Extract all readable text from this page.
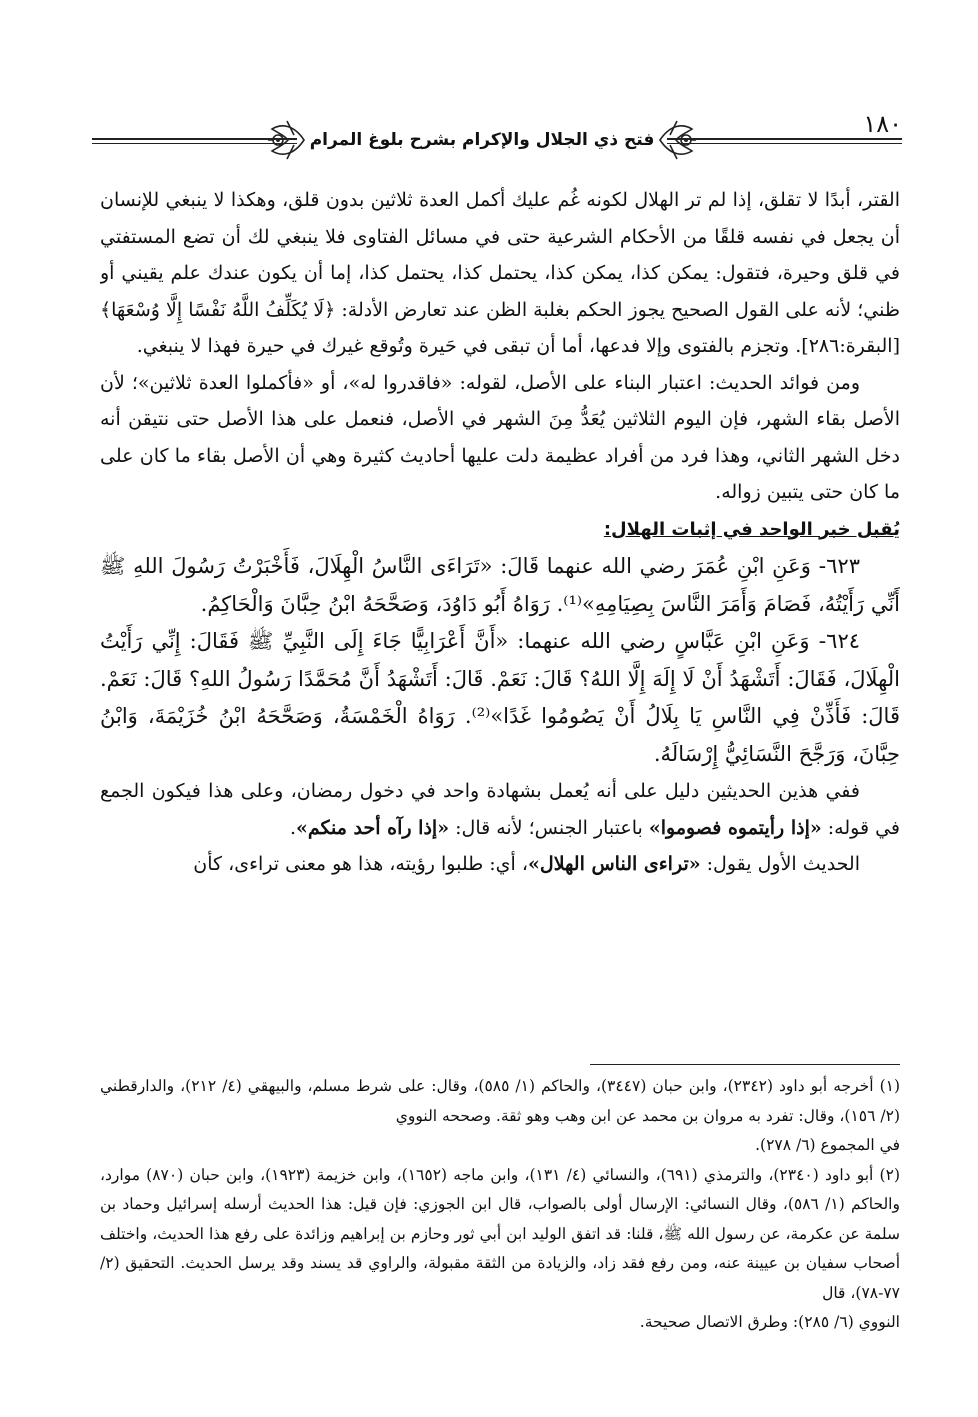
١٨٠
فتح ذي الجلال والإكرام بشرح بلوغ المرام

القتر، أبدًا لا تقلق، إذا لم تر الهلال لكونه غُم عليك أكمل العدة ثلاثين بدون قلق، وهكذا لا ينبغي للإنسان أن يجعل في نفسه قلقًا من الأحكام الشرعية حتى في مسائل الفتاوى فلا ينبغي لك أن تضع المستفتي في قلق وحيرة، فتقول: يمكن كذا، يمكن كذا، يحتمل كذا، يحتمل كذا، إما أن يكون عندك علم يقيني أو ظني؛ لأنه على القول الصحيح يجوز الحكم بغلبة الظن عند تعارض الأدلة: ﴿لَا يُكَلِّفُ اللَّهُ نَفْسًا إِلَّا وُسْعَهَا﴾ [البقرة:٢٨٦]. وتجزم بالفتوى وإلا فدعها، أما أن تبقى في حَيرة وتُوقع غيرك في حيرة فهذا لا ينبغي.

ومن فوائد الحديث: اعتبار البناء على الأصل، لقوله: «فاقدروا له»، أو «فأكملوا العدة ثلاثين»؛ لأن الأصل بقاء الشهر، فإن اليوم الثلاثين يُعَدُّ مِنَ الشهر في الأصل، فنعمل على هذا الأصل حتى نتيقن أنه دخل الشهر الثاني، وهذا فرد من أفراد عظيمة دلت عليها أحاديث كثيرة وهي أن الأصل بقاء ما كان على ما كان حتى يتبين زواله.

يُقبل خبر الواحد في إثبات الهلال:

٦٢٣- وَعَنِ ابْنِ عُمَرَ رضي الله عنهما قَالَ: «تَرَاءَى النَّاسُ الْهِلَالَ، فَأَخْبَرْتُ رَسُولَ اللهِ ﷺ أَنِّي رَأَيْتُهُ، فَصَامَ وَأَمَرَ النَّاسَ بِصِيَامِهِ»⁽¹⁾. رَوَاهُ أَبُو دَاوُدَ، وَصَحَّحَهُ ابْنُ حِبَّانَ وَالْحَاكِمُ.

٦٢٤- وَعَنِ ابْنِ عَبَّاسٍ رضي الله عنهما: «أَنَّ أَعْرَابِيًّا جَاءَ إِلَى النَّبِيِّ ﷺ فَقَالَ: إِنِّي رَأَيْتُ الْهِلَالَ، فَقَالَ: أَتَشْهَدُ أَنْ لَا إِلَهَ إِلَّا اللهُ؟ قَالَ: نَعَمْ. قَالَ: أَتَشْهَدُ أَنَّ مُحَمَّدًا رَسُولُ اللهِ؟ قَالَ: نَعَمْ. قَالَ: فَأَذِّنْ فِي النَّاسِ يَا بِلَالُ أَنْ يَصُومُوا غَدًا»⁽²⁾. رَوَاهُ الْخَمْسَةُ، وَصَحَّحَهُ ابْنُ خُزَيْمَةَ، وَابْنُ حِبَّانَ، وَرَجَّحَ النَّسَائِيُّ إِرْسَالَهُ.

ففي هذين الحديثين دليل على أنه يُعمل بشهادة واحد في دخول رمضان، وعلى هذا فيكون الجمع في قوله: «إذا رأيتموه فصوموا» باعتبار الجنس؛ لأنه قال: «إذا رآه أحد منكم».

الحديث الأول يقول: «تراءى الناس الهلال»، أي: طلبوا رؤيته، هذا هو معنى تراءى، كأن

(١) أخرجه أبو داود (٢٣٤٢)، وابن حبان (٣٤٤٧)، والحاكم (١/ ٥٨٥)، وقال: على شرط مسلم، والبيهقي (٤/ ٢١٢)، والدارقطني (٢/ ١٥٦)، وقال: تفرد به مروان بن محمد عن ابن وهب وهو ثقة. وصححه النووي

في المجموع (٦/ ٢٧٨).

(٢) أبو داود (٢٣٤٠)، والترمذي (٦٩١)، والنسائي (٤/ ١٣١)، وابن ماجه (١٦٥٢)، وابن خزيمة (١٩٢٣)، وابن حبان (٨٧٠) موارد، والحاكم (١/ ٥٨٦)، وقال النسائي: الإرسال أولى بالصواب، قال ابن الجوزي: فإن قيل: هذا الحديث أرسله إسرائيل وحماد بن سلمة عن عكرمة، عن رسول الله ﷺ، قلنا: قد اتفق الوليد ابن أبي ثور وحازم بن إبراهيم وزائدة على رفع هذا الحديث، واختلف أصحاب سفيان بن عيينة عنه، ومن رفع فقد زاد، والزيادة من الثقة مقبولة، والراوي قد يسند وقد يرسل الحديث. التحقيق (٢/ ٧٧-٧٨)، قال

النووي (٦/ ٢٨٥): وطرق الاتصال صحيحة.
